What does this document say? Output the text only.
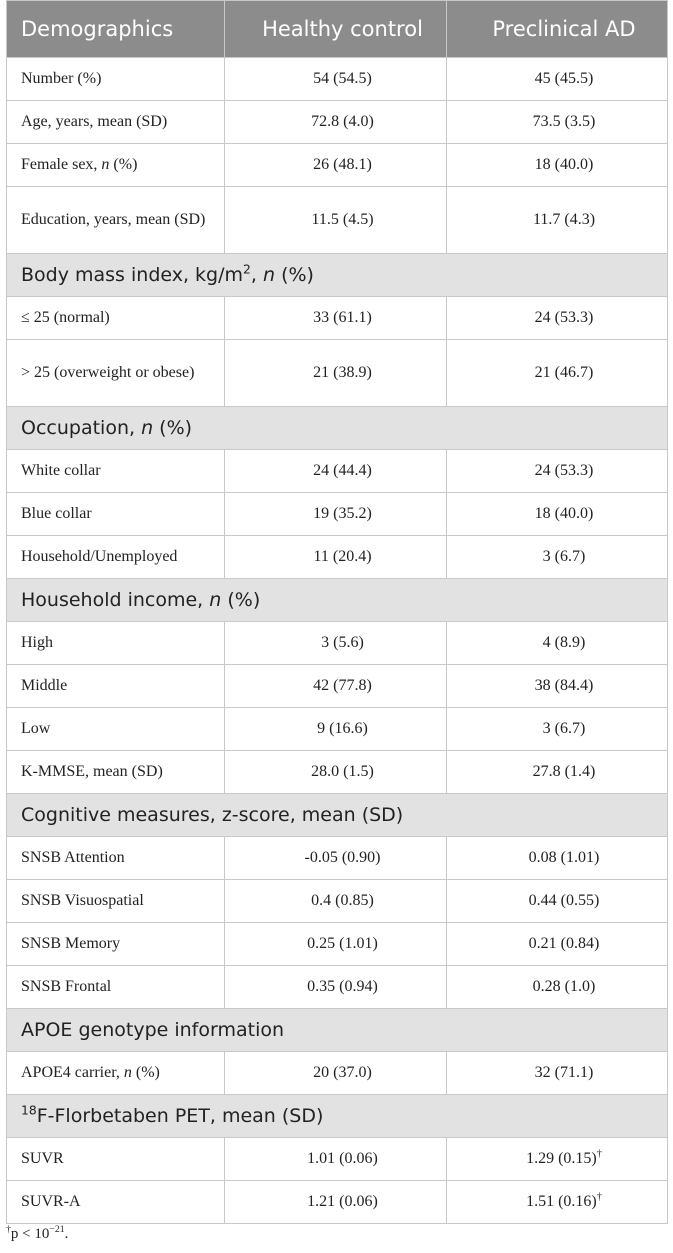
Demographics	Healthy control	Preclinical AD
Number (%)	54 (54.5)	45 (45.5)
Age, years, mean (SD)	72.8 (4.0)	73.5 (3.5)
Female sex, n (%)	26 (48.1)	18 (40.0)
Education, years, mean (SD)	11.5 (4.5)	11.7 (4.3)
Body mass index, $kg/m^2$, n (%)		
≤ 25 (normal)	33 (61.1)	24 (53.3)
> 25 (overweight or obese)	21 (38.9)	21 (46.7)
Occupation, n (%)		
White collar	24 (44.4)	24 (53.3)
Blue collar	19 (35.2)	18 (40.0)
Household/Unemployed	11 (20.4)	3 (6.7)
Household income, n (%)		
High	3 (5.6)	4 (8.9)
Middle	42 (77.8)	38 (84.4)
Low	9 (16.6)	3 (6.7)
K-MMSE, mean (SD)	28.0 (1.5)	27.8 (1.4)
Cognitive measures, z-score, mean (SD)		
SNSB Attention	-0.05 (0.90)	0.08 (1.01)
SNSB Visuospatial	0.4 (0.85)	0.44 (0.55)
SNSB Memory	0.25 (1.01)	0.21 (0.84)
SNSB Frontal	0.35 (0.94)	0.28 (1.0)
APOE genotype information		
APOE4 carrier, n (%)	20 (37.0)	32 (71.1)
$^{18}$F-Florbetaben PET, mean (SD)		
SUVR	1.01 (0.06)	1.29 (0.15)†
SUVR-A	1.21 (0.06)	1.51 (0.16)†
$^\dagger p < 10^{-21}$.
